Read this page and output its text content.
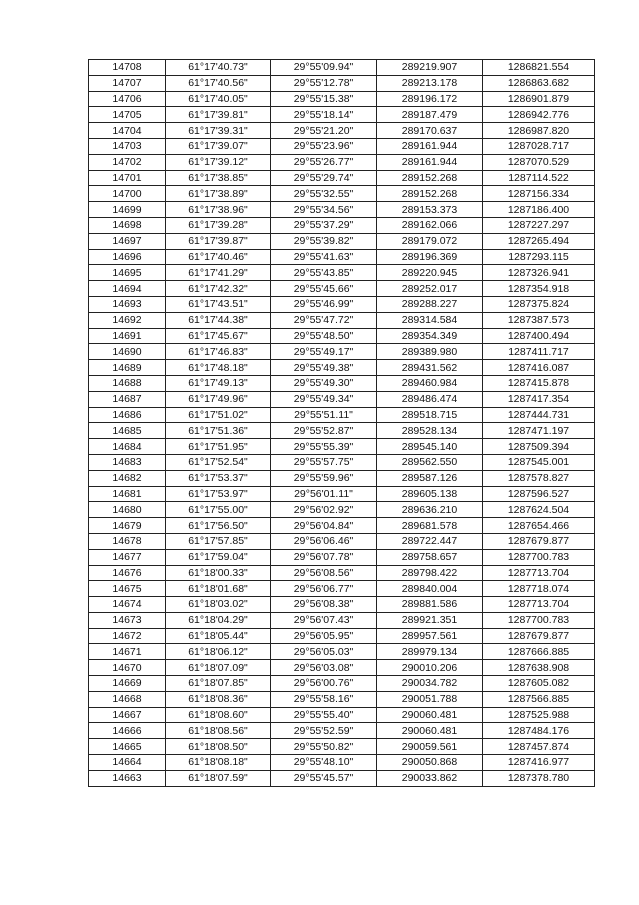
14708	61°17'40.73"	29°55'09.94"	289219.907	1286821.554
14707	61°17'40.56"	29°55'12.78"	289213.178	1286863.682
14706	61°17'40.05"	29°55'15.38"	289196.172	1286901.879
14705	61°17'39.81"	29°55'18.14"	289187.479	1286942.776
14704	61°17'39.31"	29°55'21.20"	289170.637	1286987.820
14703	61°17'39.07"	29°55'23.96"	289161.944	1287028.717
14702	61°17'39.12"	29°55'26.77"	289161.944	1287070.529
14701	61°17'38.85"	29°55'29.74"	289152.268	1287114.522
14700	61°17'38.89"	29°55'32.55"	289152.268	1287156.334
14699	61°17'38.96"	29°55'34.56"	289153.373	1287186.400
14698	61°17'39.28"	29°55'37.29"	289162.066	1287227.297
14697	61°17'39.87"	29°55'39.82"	289179.072	1287265.494
14696	61°17'40.46"	29°55'41.63"	289196.369	1287293.115
14695	61°17'41.29"	29°55'43.85"	289220.945	1287326.941
14694	61°17'42.32"	29°55'45.66"	289252.017	1287354.918
14693	61°17'43.51"	29°55'46.99"	289288.227	1287375.824
14692	61°17'44.38"	29°55'47.72"	289314.584	1287387.573
14691	61°17'45.67"	29°55'48.50"	289354.349	1287400.494
14690	61°17'46.83"	29°55'49.17"	289389.980	1287411.717
14689	61°17'48.18"	29°55'49.38"	289431.562	1287416.087
14688	61°17'49.13"	29°55'49.30"	289460.984	1287415.878
14687	61°17'49.96"	29°55'49.34"	289486.474	1287417.354
14686	61°17'51.02"	29°55'51.11"	289518.715	1287444.731
14685	61°17'51.36"	29°55'52.87"	289528.134	1287471.197
14684	61°17'51.95"	29°55'55.39"	289545.140	1287509.394
14683	61°17'52.54"	29°55'57.75"	289562.550	1287545.001
14682	61°17'53.37"	29°55'59.96"	289587.126	1287578.827
14681	61°17'53.97"	29°56'01.11"	289605.138	1287596.527
14680	61°17'55.00"	29°56'02.92"	289636.210	1287624.504
14679	61°17'56.50"	29°56'04.84"	289681.578	1287654.466
14678	61°17'57.85"	29°56'06.46"	289722.447	1287679.877
14677	61°17'59.04"	29°56'07.78"	289758.657	1287700.783
14676	61°18'00.33"	29°56'08.56"	289798.422	1287713.704
14675	61°18'01.68"	29°56'06.77"	289840.004	1287718.074
14674	61°18'03.02"	29°56'08.38"	289881.586	1287713.704
14673	61°18'04.29"	29°56'07.43"	289921.351	1287700.783
14672	61°18'05.44"	29°56'05.95"	289957.561	1287679.877
14671	61°18'06.12"	29°56'05.03"	289979.134	1287666.885
14670	61°18'07.09"	29°56'03.08"	290010.206	1287638.908
14669	61°18'07.85"	29°56'00.76"	290034.782	1287605.082
14668	61°18'08.36"	29°55'58.16"	290051.788	1287566.885
14667	61°18'08.60"	29°55'55.40"	290060.481	1287525.988
14666	61°18'08.56"	29°55'52.59"	290060.481	1287484.176
14665	61°18'08.50"	29°55'50.82"	290059.561	1287457.874
14664	61°18'08.18"	29°55'48.10"	290050.868	1287416.977
14663	61°18'07.59"	29°55'45.57"	290033.862	1287378.780
